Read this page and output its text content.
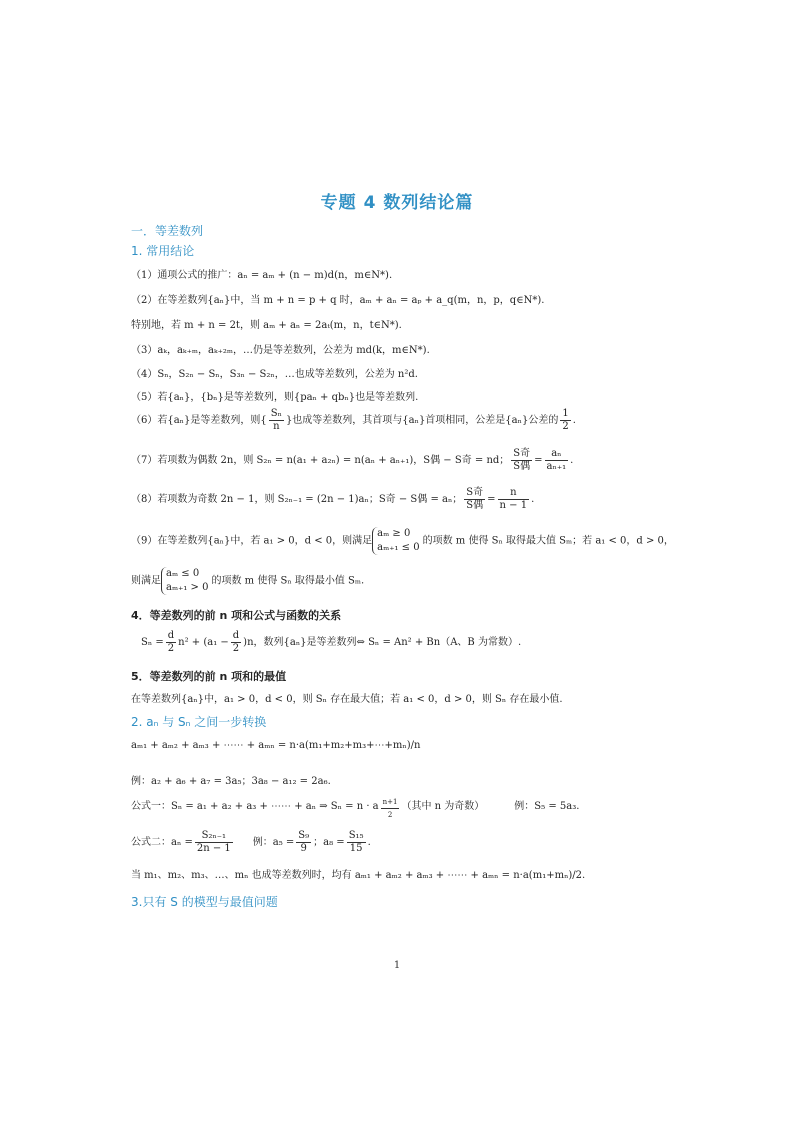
专题 4 数列结论篇
一．等差数列
1. 常用结论
（1）通项公式的推广：aₙ = aₘ + (n − m)d(n，m∈N*).
（2）在等差数列{aₙ}中，当 m + n = p + q 时，aₘ + aₙ = aₚ + a_q(m，n，p，q∈N*).
特别地，若 m + n = 2t，则 aₘ + aₙ = 2aₜ(m，n，t∈N*).
（3）aₖ，aₖ₊ₘ，aₖ₊₂ₘ，…仍是等差数列，公差为 md(k，m∈N*).
（4）Sₙ，S₂ₙ − Sₙ，S₃ₙ − S₂ₙ，…也成等差数列，公差为 n²d.
（5）若{aₙ}，{bₙ}是等差数列，则{paₙ + qbₙ}也是等差数列.
（6）若{aₙ}是等差数列，则{ $\frac{\text{Sₙ}}{n}$ }也成等差数列，其首项与{aₙ}首项相同，公差是{aₙ}公差的 $\frac{1}{2}$ .
（7）若项数为偶数 2n，则 S₂ₙ = n(a₁ + a₂ₙ) = n(aₙ + aₙ₊₁)，S偶 − S奇 = nd； $\frac{\text{S奇}}{\text{S偶}} = \frac{\text{aₙ}}{\text{aₙ₊₁}}$ .
（8）若项数为奇数 2n − 1，则 S₂ₙ₋₁ = (2n − 1)aₙ；S奇 − S偶 = aₙ； $\frac{\text{S奇}}{\text{S偶}} = \frac{n}{n - 1}$ .
（9）在等差数列{aₙ}中，若 a₁ > 0，d < 0，则满足
aₘ ≥ 0
aₘ₊₁ ≤ 0
的项数 m 使得 Sₙ 取得最大值 Sₘ；若 a₁ < 0，d > 0，
则满足
aₘ ≤ 0
aₘ₊₁ > 0
的项数 m 使得 Sₙ 取得最小值 Sₘ.
4．等差数列的前 n 项和公式与函数的关系
$S_n = \frac{d}{2} n^2 + (a_1 - \frac{d}{2} )n$，数列{aₙ}是等差数列⇔ Sₙ = An² + Bn（A、B 为常数）.
5．等差数列的前 n 项和的最值
在等差数列{aₙ}中，a₁ > 0，d < 0，则 Sₙ 存在最大值；若 a₁ < 0，d > 0，则 Sₙ 存在最小值.
2. aₙ 与 Sₙ 之间一步转换
aₘ₁ + aₘ₂ + aₘ₃ + ⋯⋯ + aₘₙ = n·a(m₁+m₂+m₃+⋯+mₙ)/n
例：a₂ + a₆ + a₇ = 3a₅；3a₈ − a₁₂ = 2a₆.
公式一：Sₙ = a₁ + a₂ + a₃ + ⋯⋯ + aₙ ⇒ Sₙ = n · a $\frac{n+1}{2}$ （其中 n 为奇数）	例：S₅ = 5a₃.
公式二：$a_n = \frac{\text{S₂ₙ₋₁}}{2n - 1}$ 例：$a_5 = \frac{\text{S₉}}{9}$ ；$a_8 = \frac{\text{S₁₅}}{15}$ .
当 m₁、m₂、m₃、…、mₙ 也成等差数列时，均有 aₘ₁ + aₘ₂ + aₘ₃ + ⋯⋯ + aₘₙ = n·a(m₁+mₙ)/2.
3.只有 S 的模型与最值问题
1
